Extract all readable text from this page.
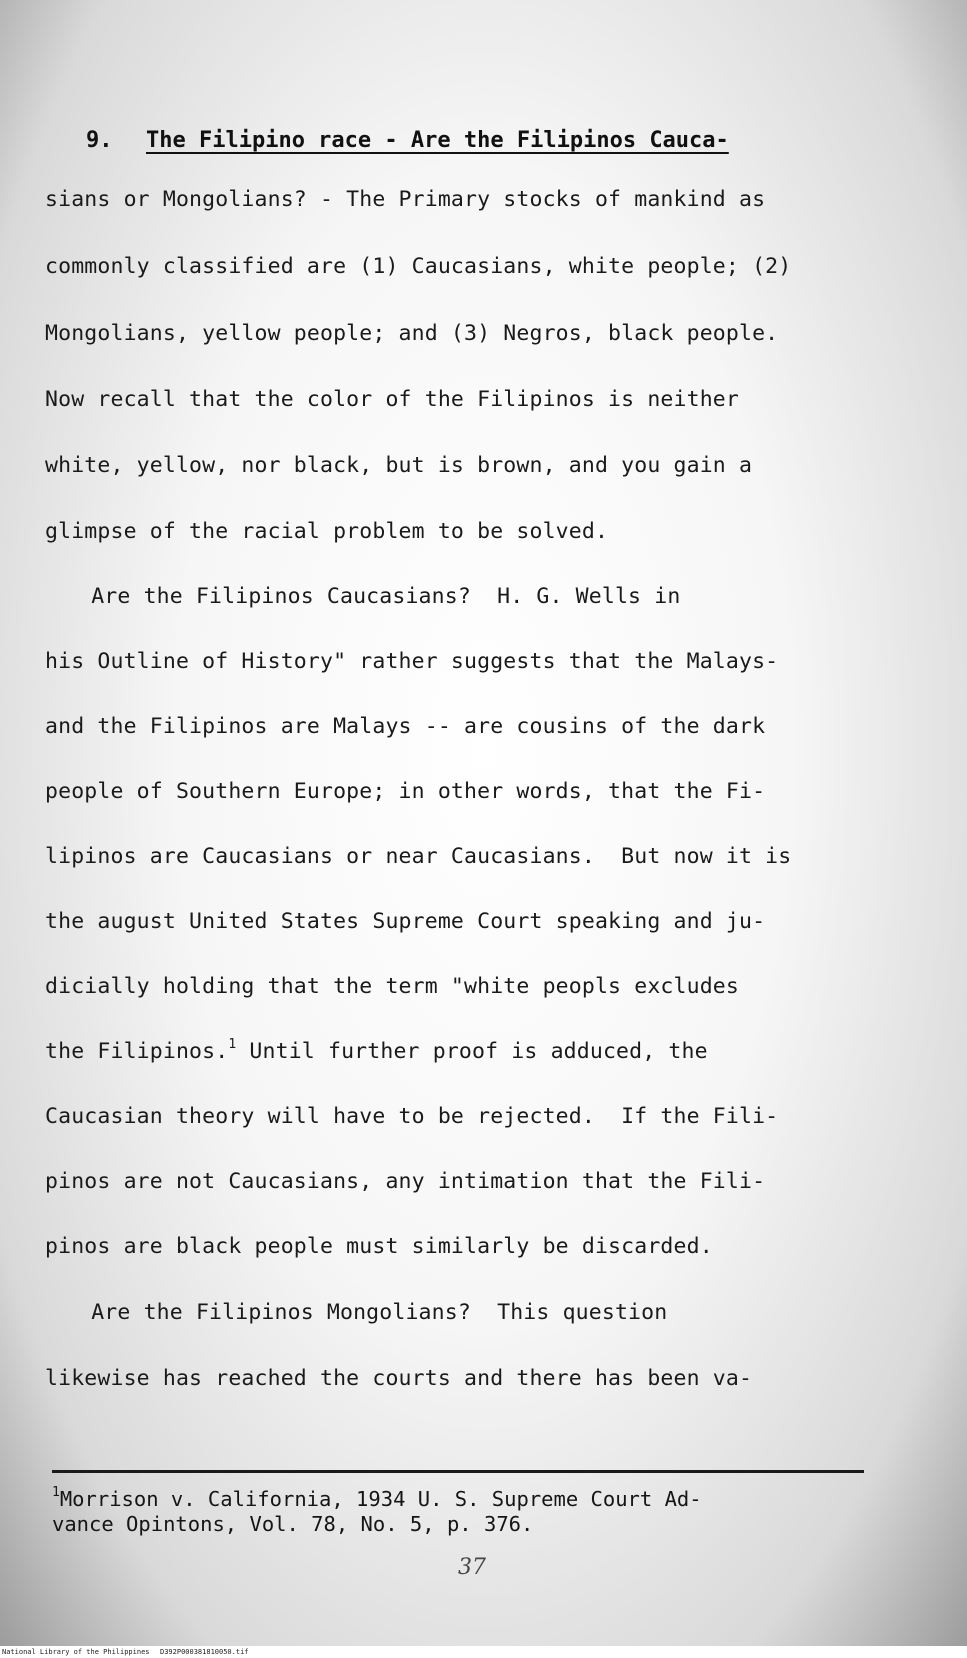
9. The Filipino race - Are the Filipinos Cauca-
sians or Mongolians? - The Primary stocks of mankind as
commonly classified are (1) Caucasians, white people; (2)
Mongolians, yellow people; and (3) Negros, black people.
Now recall that the color of the Filipinos is neither
white, yellow, nor black, but is brown, and you gain a
glimpse of the racial problem to be solved.
Are the Filipinos Caucasians?  H. G. Wells in
his Outline of History" rather suggests that the Malays-
and the Filipinos are Malays -- are cousins of the dark
people of Southern Europe; in other words, that the Fi-
lipinos are Caucasians or near Caucasians.  But now it is
the august United States Supreme Court speaking and ju-
dicially holding that the term "white peopls excludes
the Filipinos.$^1$ Until further proof is adduced, the
Caucasian theory will have to be rejected.  If the Fili-
pinos are not Caucasians, any intimation that the Fili-
pinos are black people must similarly be discarded.
Are the Filipinos Mongolians?  This question
likewise has reached the courts and there has been va-
$^1$Morrison v. California, 1934 U. S. Supreme Court Ad-
vance Opintons, Vol. 78, No. 5, p. 376.
37

National Library of the Philippines

D392P000381810050.tif
